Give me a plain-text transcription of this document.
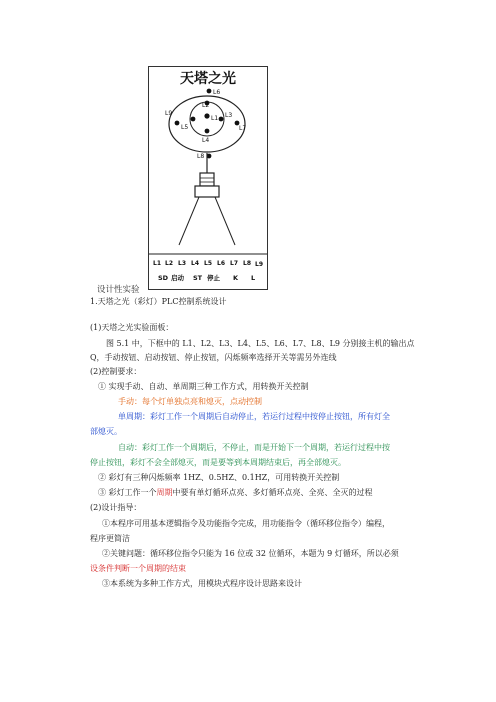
天塔之光
L1
L2
L3
L4
L5
L6
L7
L8
L9
L1 L2 L3 L4 L5 L6 L7 L8 L9
SD 启动 ST 停止 K L
设计性实验
1.天塔之光（彩灯）PLC控制系统设计
(1)天塔之光实验面板：
图 5.1 中，下框中的 L1、L2、L3、L4、L5、L6、L7、L8、L9 分别接主机的输出点
Q，手动按钮、启动按钮、停止按钮，闪烁频率选择开关等需另外连线
(2)控制要求：
① 实现手动、自动、单周期三种工作方式，用转换开关控制
手动：每个灯单独点亮和熄灭，点动控制
单周期：彩灯工作一个周期后自动停止，若运行过程中按停止按钮，所有灯全
部熄灭。
自动：彩灯工作一个周期后，不停止，而是开始下一个周期，若运行过程中按
停止按钮，彩灯不会全部熄灭，而是要等到本周期结束后，再全部熄灭。
② 彩灯有三种闪烁频率 1HZ、0.5HZ、0.1HZ，可用转换开关控制
③ 彩灯工作一个周期中要有单灯循环点亮、多灯循环点亮、全亮、全灭的过程
(2)设计指导：
①本程序可用基本逻辑指令及功能指令完成，用功能指令（循环移位指令）编程，
程序更简洁
②关键问题：循环移位指令只能为 16 位或 32 位循环，本题为 9 灯循环，所以必须
设条件判断一个周期的结束
③本系统为多种工作方式，用模块式程序设计思路来设计
